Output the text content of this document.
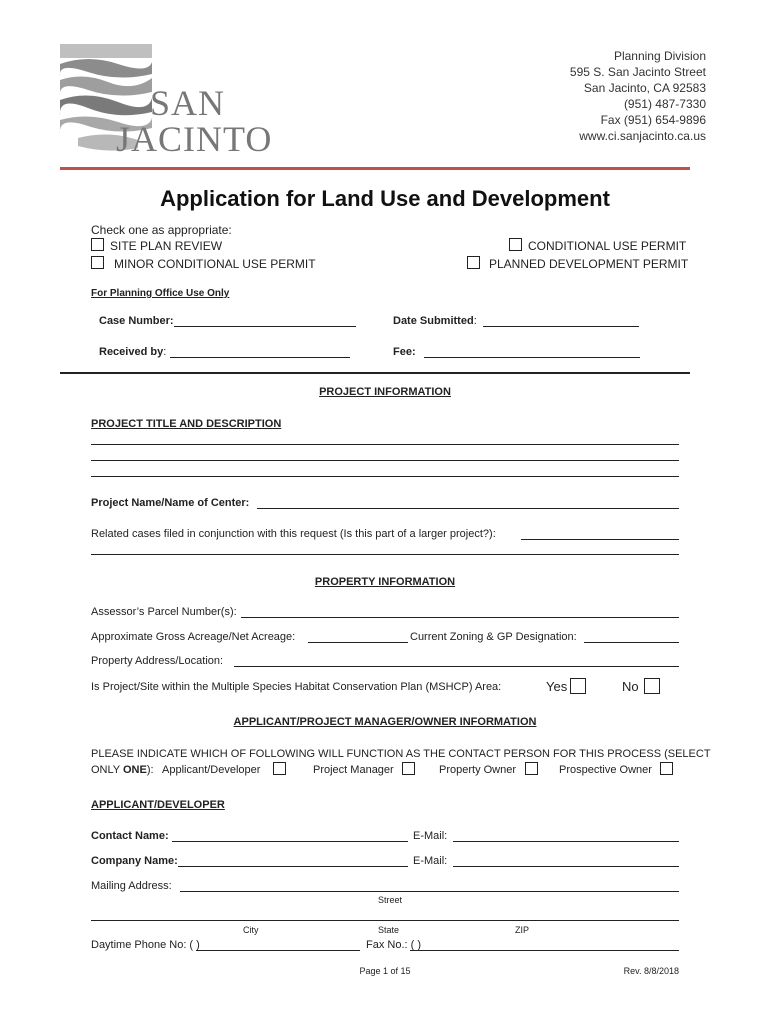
SAN
JACINTO
Planning Division
595 S. San Jacinto Street
San Jacinto, CA 92583
(951) 487-7330
Fax (951) 654-9896
www.ci.sanjacinto.ca.us
Application for Land Use and Development
Check one as appropriate:
SITE PLAN REVIEW
MINOR CONDITIONAL USE PERMIT
CONDITIONAL USE PERMIT
PLANNED DEVELOPMENT PERMIT
For Planning Office Use Only
Case Number:	Date Submitted:
Received by:	Fee:
PROJECT INFORMATION
PROJECT TITLE AND DESCRIPTION
Project Name/Name of Center:
Related cases filed in conjunction with this request (Is this part of a larger project?):
PROPERTY INFORMATION
Assessor’s Parcel Number(s):
Approximate Gross Acreage/Net Acreage:	Current Zoning & GP Designation:
Property Address/Location:
Is Project/Site within the Multiple Species Habitat Conservation Plan (MSHCP) Area:	Yes	No
APPLICANT/PROJECT MANAGER/OWNER INFORMATION
PLEASE INDICATE WHICH OF FOLLOWING WILL FUNCTION AS THE CONTACT PERSON FOR THIS PROCESS (SELECT
ONLY ONE): Applicant/Developer	Project Manager	Property Owner	Prospective Owner
APPLICANT/DEVELOPER
Contact Name:	E-Mail:
Company Name:	E-Mail:
Mailing Address:
Street
City	State	ZIP
Daytime Phone No: ( )	Fax No.: ( )
Page 1 of 15	Rev. 8/8/2018
